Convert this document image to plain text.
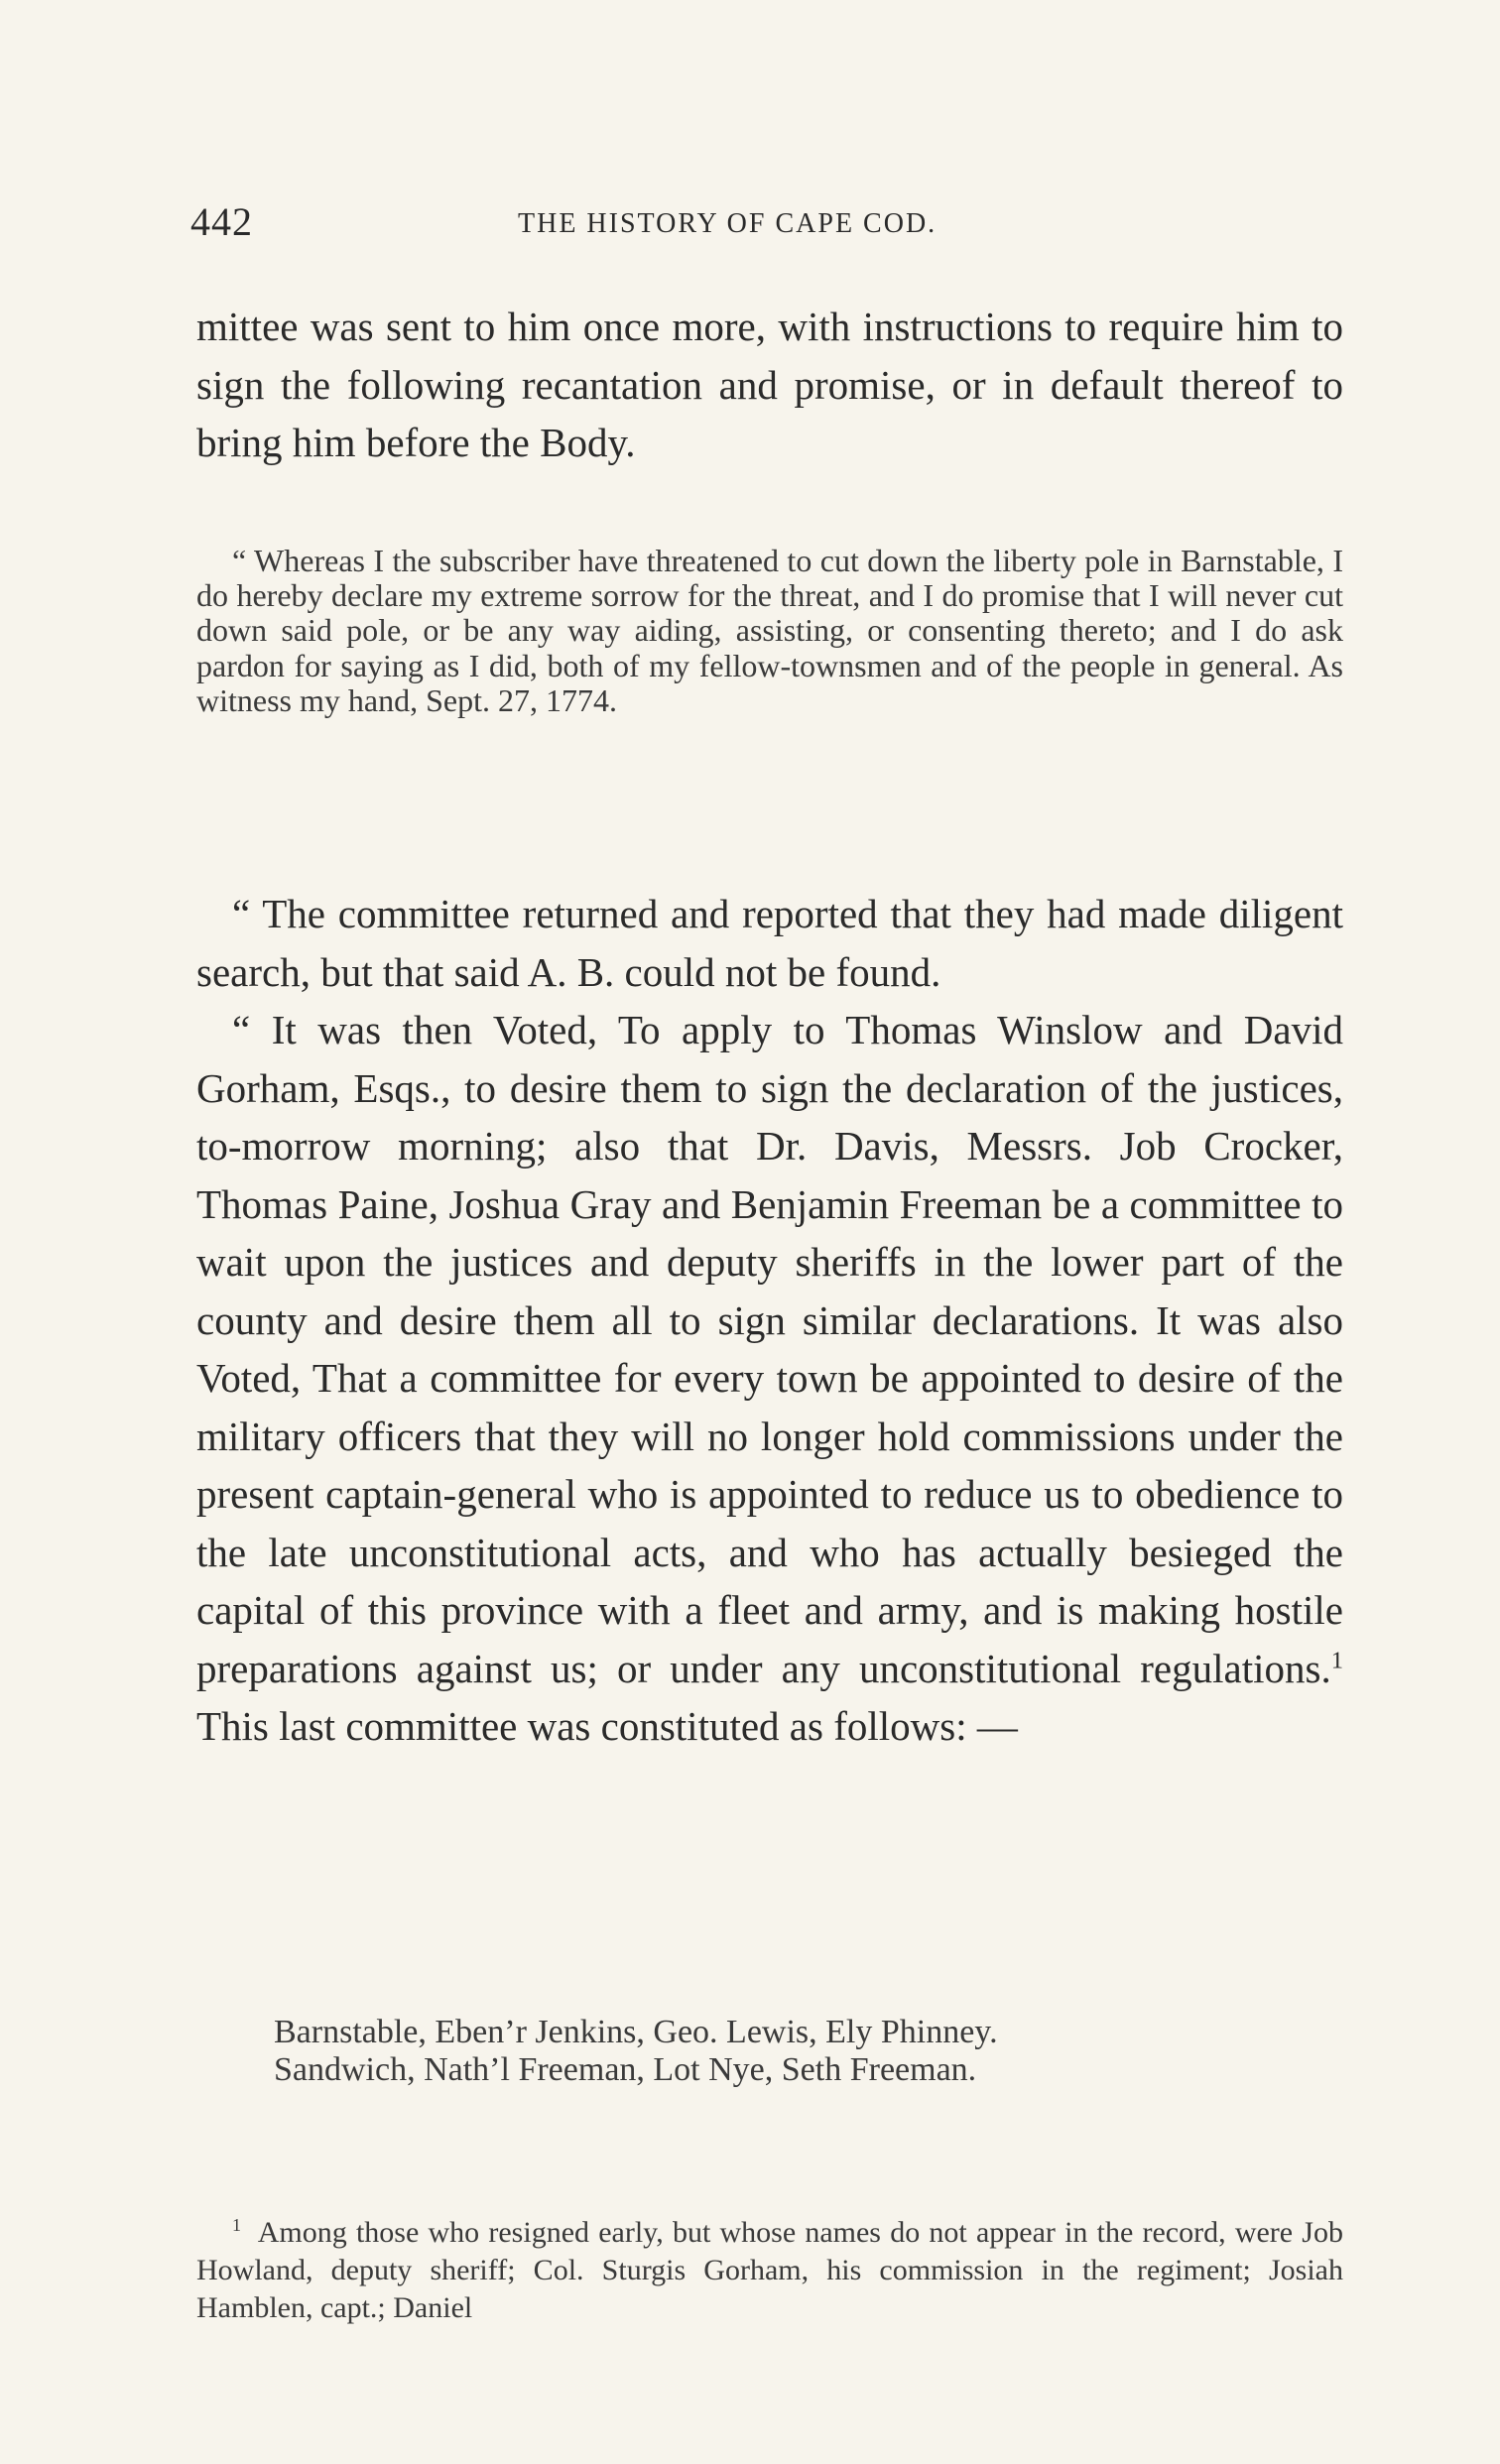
442	THE HISTORY OF CAPE COD.

mittee was sent to him once more, with instructions to require him to sign the following recantation and promise, or in default thereof to bring him before the Body.

“ Whereas I the subscriber have threatened to cut down the liberty pole in Barnstable, I do hereby declare my extreme sorrow for the threat, and I do promise that I will never cut down said pole, or be any way aiding, assisting, or consenting thereto; and I do ask pardon for saying as I did, both of my fellow-townsmen and of the people in general. As witness my hand, Sept. 27, 1774.

“ The committee returned and reported that they had made diligent search, but that said A. B. could not be found.

“ It was then Voted, To apply to Thomas Winslow and David Gorham, Esqs., to desire them to sign the declaration of the justices, to-morrow morning; also that Dr. Davis, Messrs. Job Crocker, Thomas Paine, Joshua Gray and Benjamin Freeman be a committee to wait upon the justices and deputy sheriffs in the lower part of the county and desire them all to sign similar declarations. It was also Voted, That a committee for every town be appointed to desire of the military officers that they will no longer hold commissions under the present captain-general who is appointed to reduce us to obedience to the late unconstitutional acts, and who has actually besieged the capital of this province with a fleet and army, and is making hostile preparations against us; or under any unconstitutional regulations.$^1$ This last committee was constituted as follows: —

Barnstable, Eben’r Jenkins, Geo. Lewis, Ely Phinney.
Sandwich, Nath’l Freeman, Lot Nye, Seth Freeman.

$^1$ Among those who resigned early, but whose names do not appear in the record, were Job Howland, deputy sheriff; Col. Sturgis Gorham, his commission in the regiment; Josiah Hamblen, capt.; Daniel
